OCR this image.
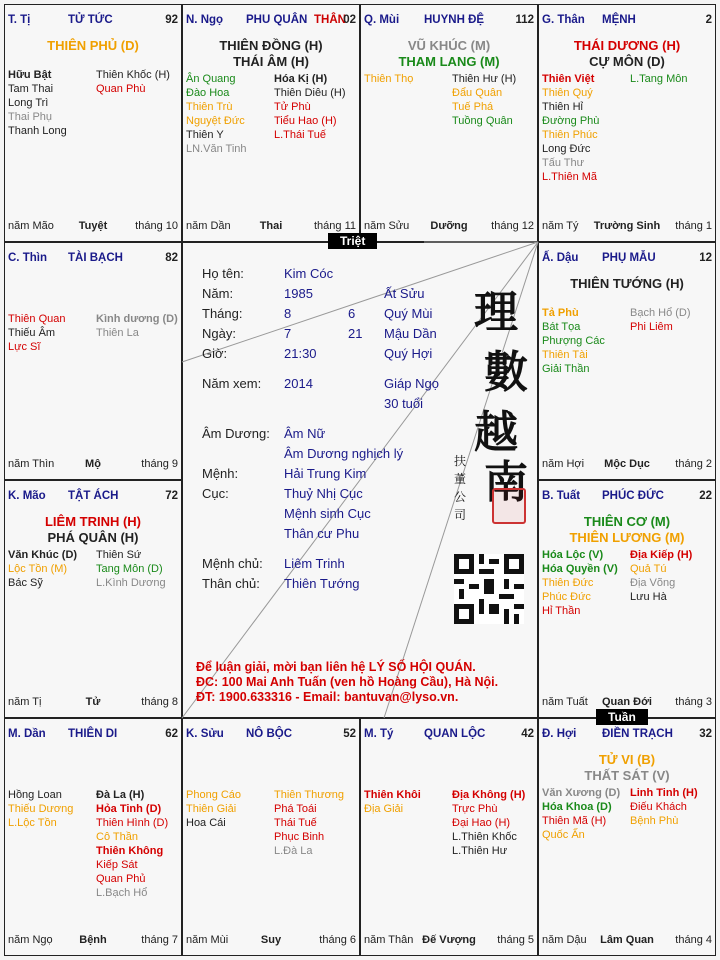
T. Tị	TỬ TỨC	92
THIÊN PHỦ (D)
Hữu Bật
Tam Thai
Long Trì
Thai Phụ
Thanh Long
Thiên Khốc (H)
Quan Phù
năm Mão	Tuyệt	tháng 10
N. Ngọ PHU QUÂN THÂN
02
THIÊN ĐỒNG (H)
THÁI ÂM (H)
Ân Quang
Đào Hoa
Thiên Trù
Nguyệt Đức
Thiên Y
LN.Văn Tinh
Hóa Kị (H)
Thiên Diêu (H)
Tử Phù
Tiểu Hao (H)
L.Thái Tuế
năm Dần	Thai	tháng 11
Q. Mùi HUYNH ĐỆ	112
VŨ KHÚC (M)
THAM LANG (M)
Thiên Thọ	Thiên Hư (H)
Đẩu Quân
Tuế Phá
Tuồng Quân
năm Sửu	Dưỡng	tháng 12
G. Thân MỆNH	2
THÁI DƯƠNG (H)
CỰ MÔN (D)
Thiên Việt
Thiên Quý
Thiên Hỉ
Đường Phù
Thiên Phúc
Long Đức
Tấu Thư
L.Thiên Mã
L.Tang Môn
năm Tý	Trường Sinh	tháng 1
C. Thìn TÀI BẠCH	82
Thiên Quan
Thiếu Âm
Lực Sĩ
Kình dương (D)
Thiên La
năm Thìn	Mộ	tháng 9
Ấ. Dậu PHỤ MẪU	12
THIÊN TƯỚNG (H)
Tả Phù
Bát Tọa
Phượng Các
Thiên Tài
Giải Thần
Bạch Hổ (D)
Phi Liêm
năm Hợi	Mộc Dục	tháng 2
K. Mão TẬT ÁCH	72
LIÊM TRINH (H)
PHÁ QUÂN (H)
Văn Khúc (D)
Lộc Tồn (M)
Bác Sỹ
Thiên Sứ
Tang Môn (D)
L.Kình Dương
năm Tị	Tử	tháng 8
B. Tuất PHÚC ĐỨC	22
THIÊN CƠ (M)
THIÊN LƯƠNG (M)
Hóa Lộc (V)
Hóa Quyền (V)
Thiên Đức
Phúc Đức
Hỉ Thần
Địa Kiếp (H)
Quả Tú
Địa Võng
Lưu Hà
năm Tuất	Quan Đới	tháng 3
M. Dần THIÊN DI	62
Hồng Loan
Thiếu Dương
L.Lộc Tồn
Đà La (H)
Hỏa Tinh (D)
Thiên Hình (D)
Cô Thần
Thiên Không
Kiếp Sát
Quan Phủ
L.Bạch Hổ
năm Ngọ	Bệnh	tháng 7
K. Sửu NÔ BỘC	52
Phong Cáo
Thiên Giải
Hoa Cái
Thiên Thương
Phá Toái
Thái Tuế
Phục Binh
L.Đà La
năm Mùi	Suy	tháng 6
M. Tý	QUAN LỘC	42
Thiên Khôi
Địa Giải
Địa Không (H)
Trực Phù
Đại Hao (H)
L.Thiên Khốc
L.Thiên Hư
năm Thân Đế Vượng	tháng 5
Đ. Hợi ĐIỀN TRẠCH 32
TỬ VI (B)
THẤT SÁT (V)
Văn Xương (D)
Hóa Khoa (D)
Thiên Mã (H)
Quốc Ấn
Linh Tinh (H)
Điếu Khách
Bệnh Phù
năm Dậu	Lâm Quan	tháng 4
Triệt
Tuần
Họ tên:	Kim Cóc
Năm:	1985	Ất Sửu
Tháng:	8	6 Quý Mùi
Ngày:	7	21 Mậu Dần
Giờ:	21:30	Quý Hợi
Năm xem: 2014	Giáp Ngọ
30 tuổi
Âm Dương: Âm Nữ
Âm Dương nghịch lý
Mệnh:	Hải Trung Kim
Cục:	Thuỷ Nhị Cục
Mệnh sinh Cục
Thân cư Phu
Mệnh chủ: Liêm Trinh
Thân chủ: Thiên Tướng
理
數
越
南
扶 董 公 司
Để luận giải, mời bạn liên hệ LÝ SỐ HỘI QUÁN.
ĐC: 100 Mai Anh Tuấn (ven hồ Hoàng Cầu), Hà Nội.
ĐT: 1900.633316 - Email: bantuvan@lyso.vn.
